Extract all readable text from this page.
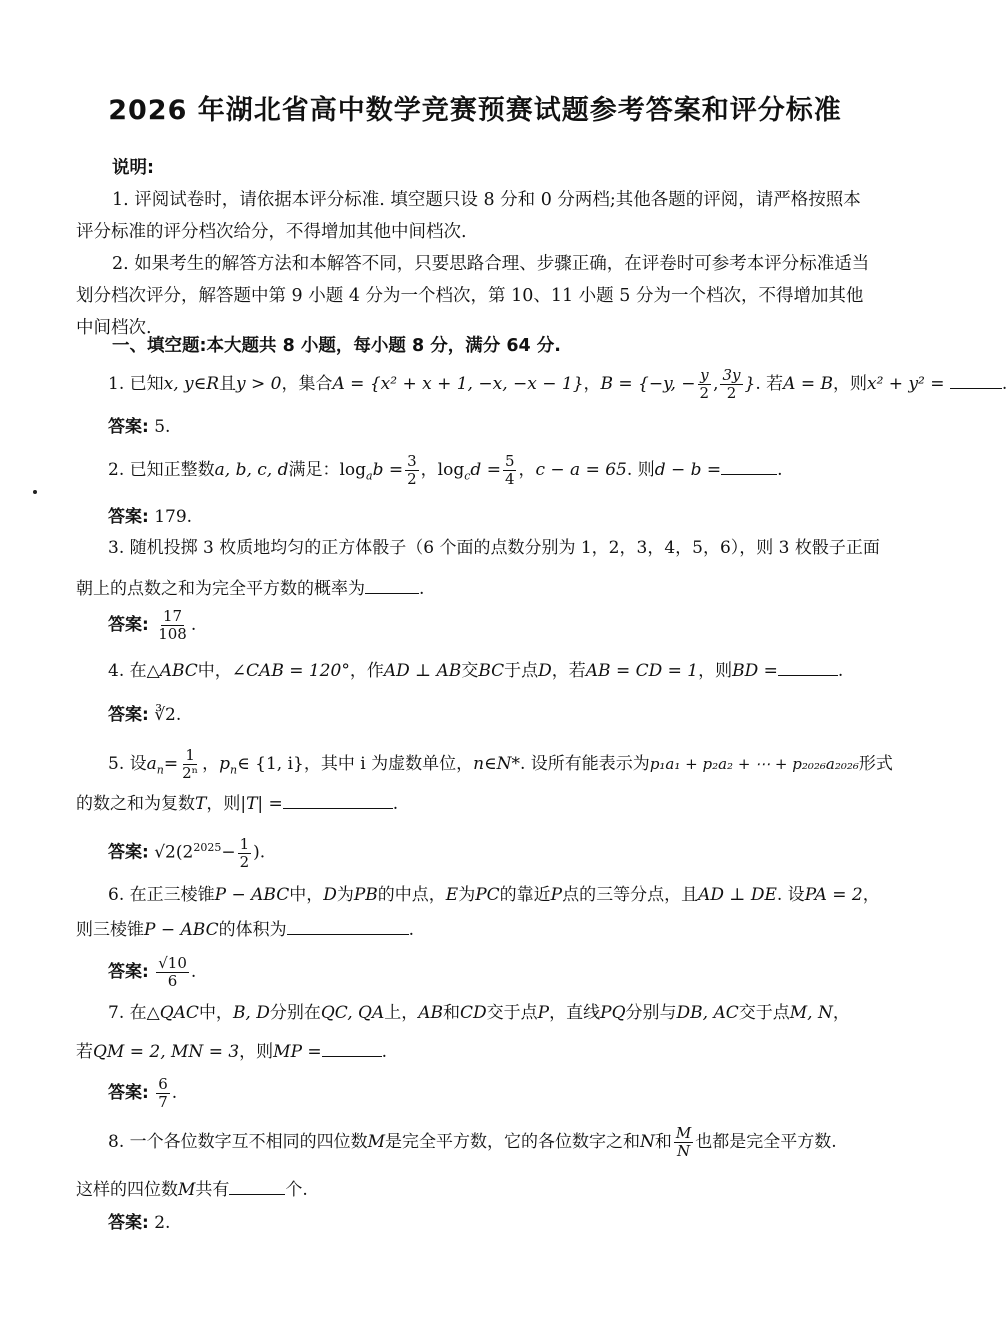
2026 年湖北省高中数学竞赛预赛试题参考答案和评分标准

说明:

1. 评阅试卷时，请依据本评分标准. 填空题只设 8 分和 0 分两档;其他各题的评阅，请严格按照本评分标准的评分档次给分，不得增加其他中间档次.

2. 如果考生的解答方法和本解答不同，只要思路合理、步骤正确，在评卷时可参考本评分标准适当划分档次评分，解答题中第 9 小题 4 分为一个档次，第 10、11 小题 5 分为一个档次，不得增加其他中间档次.

一、填空题:本大题共 8 小题，每小题 8 分，满分 64 分.
1. 已知x, y∈R且y > 0，集合A = {x² + x + 1, −x, −x − 1}，B = {−y, − $\frac{y}{2}$ , $\frac{3y}{2}$ }. 若A = B，则x² + y² =	.
答案: 5.
2. 已知正整数a, b, c, d满足：$\log_ab = \frac{3}{2}$ ，$\log_cd = \frac{5}{4}$ ，c − a = 65. 则d − b =	.
答案: 179.
3. 随机投掷 3 枚质地均匀的正方体骰子（6 个面的点数分别为 1，2，3，4，5，6），则 3 枚骰子正面
朝上的点数之和为完全平方数的概率为	.
答案: $\frac{17}{108}$ .
4. 在△ABC中，∠CAB = 120°，作AD ⊥ AB交BC于点D，若AB = CD = 1，则BD =	.
答案: ∛2.
5. 设$a_n= \frac{1}{\text{2ⁿ}}$ ，$p_n\in$ {1, i}，其中 i 为虚数单位，n∈N*. 设所有能表示为p₁a₁ + p₂a₂ + ⋯ + p₂₀₂₆a₂₀₂₆形式
的数之和为复数T，则|T| =	.
答案: $√2(2^{2025}- \frac{1}{2}$ ).
6. 在正三棱锥P − ABC中，D为PB的中点，E为PC的靠近P点的三等分点，且AD ⊥ DE. 设PA = 2，
则三棱锥P − ABC的体积为	.
答案: $\frac{√10}{6}$ .
7. 在△QAC中，B, D分别在QC, QA上，AB和CD交于点P，直线PQ分别与DB, AC交于点M, N，
若QM = 2, MN = 3，则MP =	.
答案: $\frac{6}{7}$ .
8. 一个各位数字互不相同的四位数M是完全平方数，它的各位数字之和N和 $\frac{M}{N}$ 也都是完全平方数.
这样的四位数M共有	个.
答案: 2.
